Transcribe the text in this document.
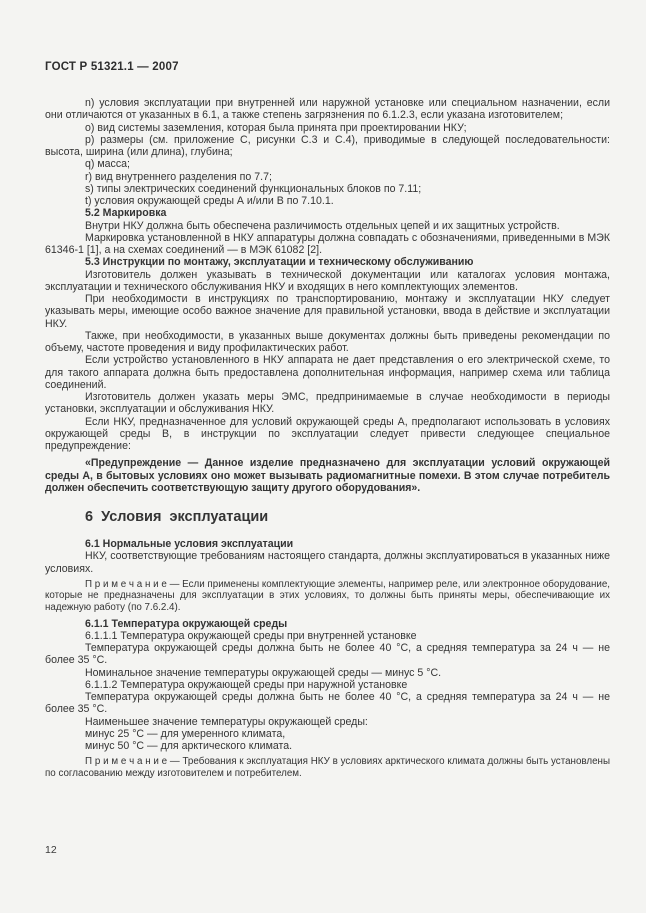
ГОСТ Р 51321.1 — 2007
n) условия эксплуатации при внутренней или наружной установке или специальном назначении, если они отличаются от указанных в 6.1, а также степень загрязнения по 6.1.2.3, если указана изготовителем;
o) вид системы заземления, которая была принята при проектировании НКУ;
p) размеры (см. приложение С, рисунки С.3 и С.4), приводимые в следующей последовательности: высота, ширина (или длина), глубина;
q) масса;
r) вид внутреннего разделения по 7.7;
s) типы электрических соединений функциональных блоков по 7.11;
t) условия окружающей среды А и/или В по 7.10.1.
5.2 Маркировка
Внутри НКУ должна быть обеспечена различимость отдельных цепей и их защитных устройств.
Маркировка установленной в НКУ аппаратуры должна совпадать с обозначениями, приведенными в МЭК 61346-1 [1], а на схемах соединений — в МЭК 61082 [2].
5.3 Инструкции по монтажу, эксплуатации и техническому обслуживанию
Изготовитель должен указывать в технической документации или каталогах условия монтажа, эксплуатации и технического обслуживания НКУ и входящих в него комплектующих элементов.
При необходимости в инструкциях по транспортированию, монтажу и эксплуатации НКУ следует указывать меры, имеющие особо важное значение для правильной установки, ввода в действие и эксплуатации НКУ.
Также, при необходимости, в указанных выше документах должны быть приведены рекомендации по объему, частоте проведения и виду профилактических работ.
Если устройство установленного в НКУ аппарата не дает представления о его электрической схеме, то для такого аппарата должна быть предоставлена дополнительная информация, например схема или таблица соединений.
Изготовитель должен указать меры ЭМС, предпринимаемые в случае необходимости в периоды установки, эксплуатации и обслуживания НКУ.
Если НКУ, предназначенное для условий окружающей среды А, предполагают использовать в условиях окружающей среды В, в инструкции по эксплуатации следует привести следующее специальное предупреждение:
«Предупреждение — Данное изделие предназначено для эксплуатации условий окружающей среды А, в бытовых условиях оно может вызывать радиомагнитные помехи. В этом случае потребитель должен обеспечить соответствующую защиту другого оборудования».
6 Условия эксплуатации
6.1 Нормальные условия эксплуатации
НКУ, соответствующие требованиям настоящего стандарта, должны эксплуатироваться в указанных ниже условиях.
П р и м е ч а н и е — Если применены комплектующие элементы, например реле, или электронное оборудование, которые не предназначены для эксплуатации в этих условиях, то должны быть приняты меры, обеспечивающие их надежную работу (по 7.6.2.4).
6.1.1 Температура окружающей среды
6.1.1.1 Температура окружающей среды при внутренней установке
Температура окружающей среды должна быть не более 40 °С, а средняя температура за 24 ч — не более 35 °С.
Номинальное значение температуры окружающей среды — минус 5 °С.
6.1.1.2 Температура окружающей среды при наружной установке
Температура окружающей среды должна быть не более 40 °С, а средняя температура за 24 ч — не более 35 °С.
Наименьшее значение температуры окружающей среды:
минус 25 °С — для умеренного климата,
минус 50 °С — для арктического климата.
П р и м е ч а н и е — Требования к эксплуатация НКУ в условиях арктического климата должны быть установлены по согласованию между изготовителем и потребителем.
12
